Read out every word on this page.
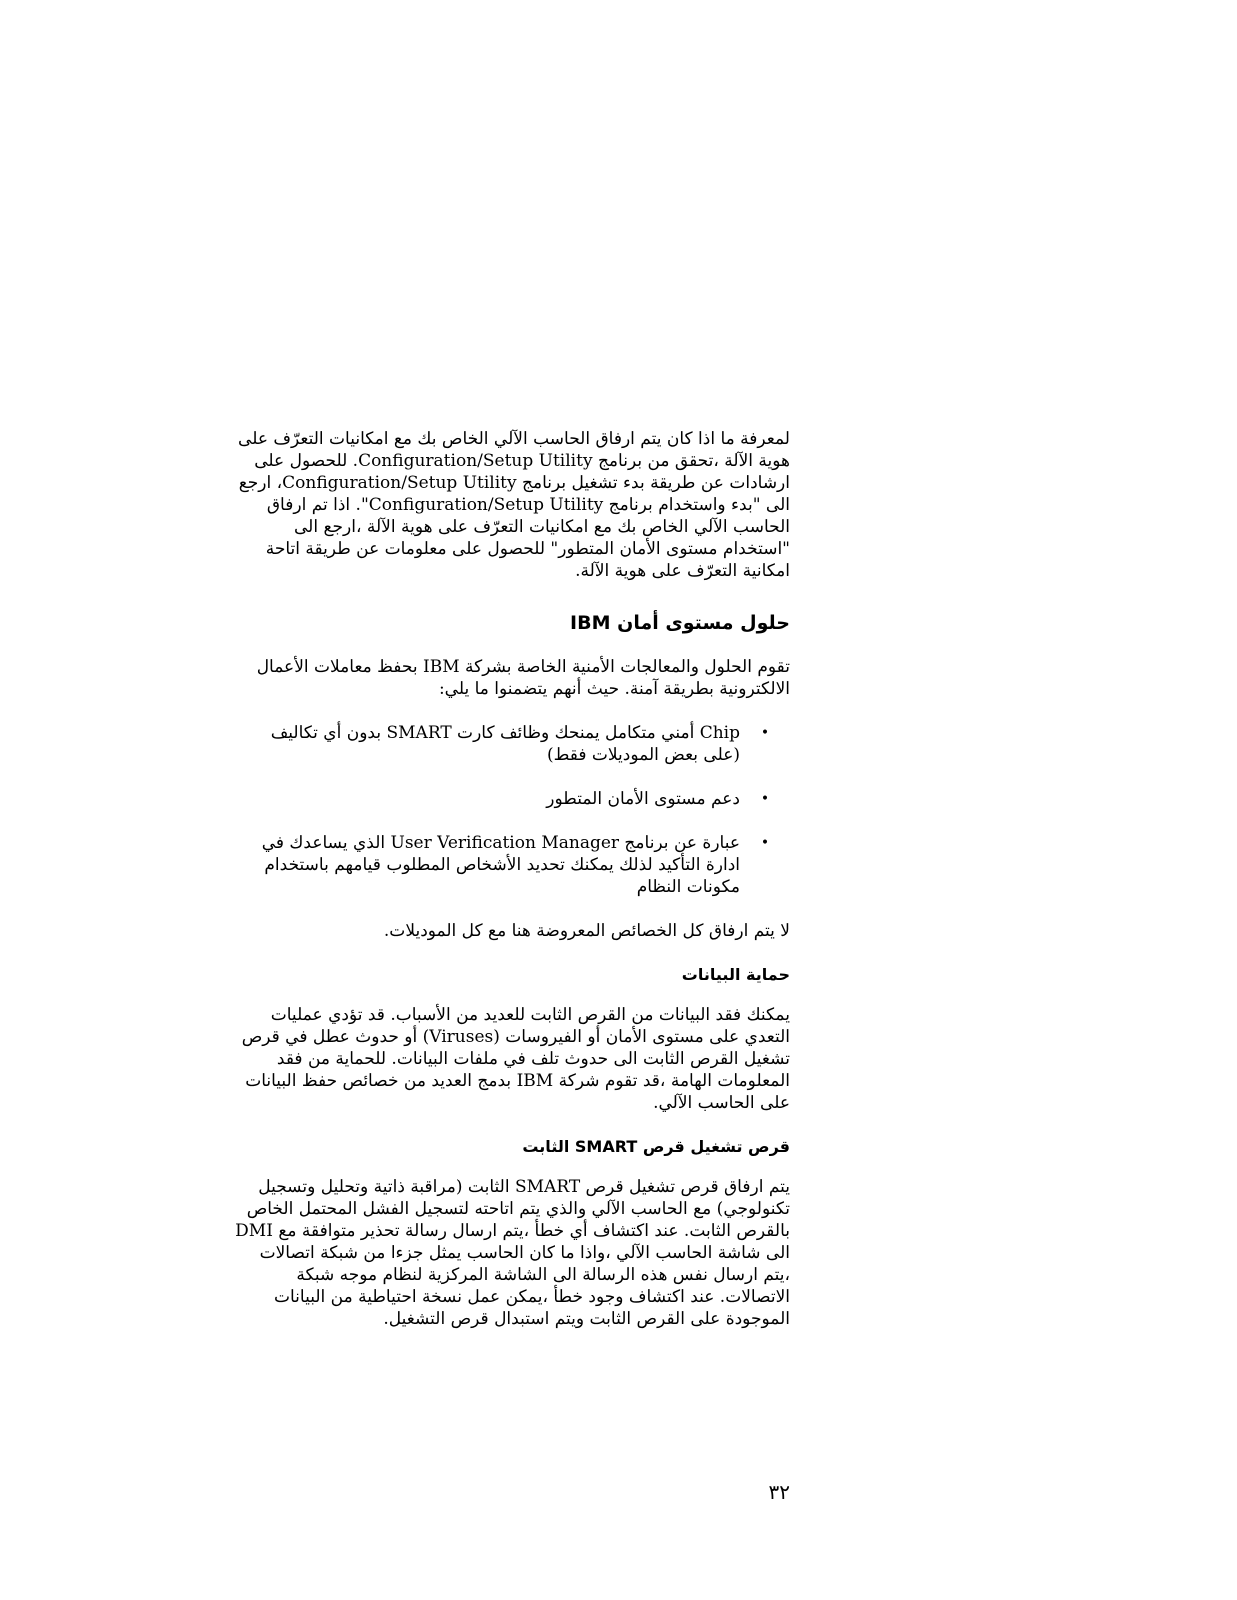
لمعرفة ما اذا كان يتم ارفاق الحاسب الآلي الخاص بك مع امكانيات التعرّف على هوية الآلة ،تحقق من برنامج Configuration/Setup Utility. للحصول على ارشادات عن طريقة بدء تشغيل برنامج Configuration/Setup Utility، ارجع الى "بدء واستخدام برنامج Configuration/Setup Utility". اذا تم ارفاق الحاسب الآلي الخاص بك مع امكانيات التعرّف على هوية الآلة ،ارجع الى "استخدام مستوى الأمان المتطور" للحصول على معلومات عن طريقة اتاحة امكانية التعرّف على هوية الآلة.

حلول مستوى أمان IBM

تقوم الحلول والمعالجات الأمنية الخاصة بشركة IBM بحفظ معاملات الأعمال الالكترونية بطريقة آمنة. حيث أنهم يتضمنوا ما يلي:

•
Chip أمني متكامل يمنحك وظائف كارت SMART بدون أي تكاليف (على بعض الموديلات فقط)
•
دعم مستوى الأمان المتطور
•
عبارة عن برنامج User Verification Manager الذي يساعدك في ادارة التأكيد لذلك يمكنك تحديد الأشخاص المطلوب قيامهم باستخدام مكونات النظام

لا يتم ارفاق كل الخصائص المعروضة هنا مع كل الموديلات.

حماية البيانات

يمكنك فقد البيانات من القرص الثابت للعديد من الأسباب. قد تؤدي عمليات التعدي على مستوى الأمان أو الفيروسات (Viruses) أو حدوث عطل في قرص تشغيل القرص الثابت الى حدوث تلف في ملفات البيانات. للحماية من فقد المعلومات الهامة ،قد تقوم شركة IBM بدمج العديد من خصائص حفظ البيانات على الحاسب الآلي.

قرص تشغيل قرص SMART الثابت

يتم ارفاق قرص تشغيل قرص SMART الثابت (مراقبة ذاتية وتحليل وتسجيل تكنولوجي) مع الحاسب الآلي والذي يتم اتاحته لتسجيل الفشل المحتمل الخاص بالقرص الثابت. عند اكتشاف أي خطأ ،يتم ارسال رسالة تحذير متوافقة مع DMI الى شاشة الحاسب الآلي ،واذا ما كان الحاسب يمثل جزءا من شبكة اتصالات ،يتم ارسال نفس هذه الرسالة الى الشاشة المركزية لنظام موجه شبكة الاتصالات. عند اكتشاف وجود خطأ ،يمكن عمل نسخة احتياطية من البيانات الموجودة على القرص الثابت ويتم استبدال قرص التشغيل.

٣٢
